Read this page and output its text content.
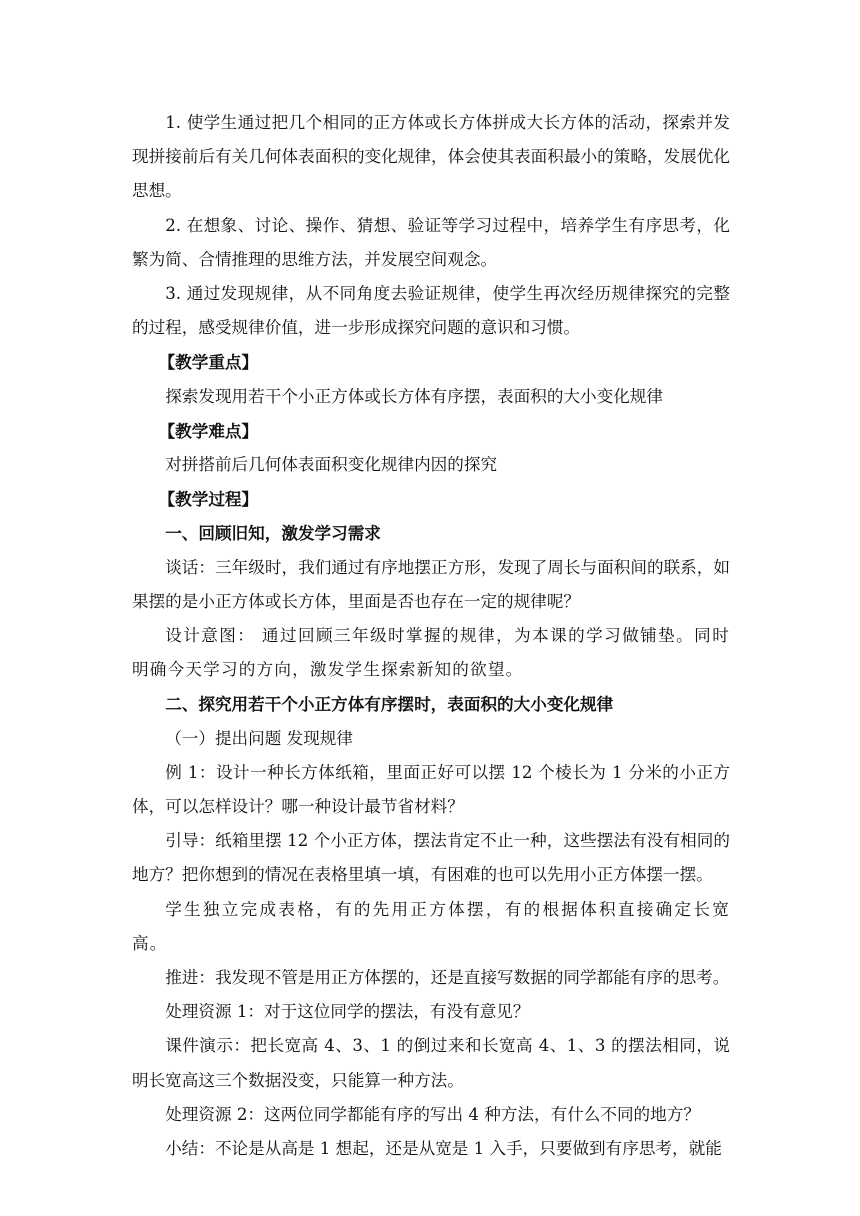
1. 使学生通过把几个相同的正方体或长方体拼成大长方体的活动，探索并发现拼接前后有关几何体表面积的变化规律，体会使其表面积最小的策略，发展优化思想。

2. 在想象、讨论、操作、猜想、验证等学习过程中，培养学生有序思考，化繁为简、合情推理的思维方法，并发展空间观念。

3. 通过发现规律，从不同角度去验证规律，使学生再次经历规律探究的完整的过程，感受规律价值，进一步形成探究问题的意识和习惯。

【教学重点】

探索发现用若干个小正方体或长方体有序摆，表面积的大小变化规律

【教学难点】

对拼搭前后几何体表面积变化规律内因的探究

【教学过程】

一、回顾旧知，激发学习需求

谈话：三年级时，我们通过有序地摆正方形，发现了周长与面积间的联系，如果摆的是小正方体或长方体，里面是否也存在一定的规律呢？

设计意图： 通过回顾三年级时掌握的规律，为本课的学习做铺垫。同时明确今天学习的方向，激发学生探索新知的欲望。

二、探究用若干个小正方体有序摆时，表面积的大小变化规律

（一）提出问题 发现规律

例 1：设计一种长方体纸箱，里面正好可以摆 12 个棱长为 1 分米的小正方体，可以怎样设计？哪一种设计最节省材料？

引导：纸箱里摆 12 个小正方体，摆法肯定不止一种，这些摆法有没有相同的地方？把你想到的情况在表格里填一填，有困难的也可以先用小正方体摆一摆。

学生独立完成表格，有的先用正方体摆，有的根据体积直接确定长宽高。

推进：我发现不管是用正方体摆的，还是直接写数据的同学都能有序的思考。

处理资源 1：对于这位同学的摆法，有没有意见？

课件演示：把长宽高 4、3、1 的倒过来和长宽高 4、1、3 的摆法相同，说明长宽高这三个数据没变，只能算一种方法。

处理资源 2：这两位同学都能有序的写出 4 种方法，有什么不同的地方？

小结：不论是从高是 1 想起，还是从宽是 1 入手，只要做到有序思考，就能
